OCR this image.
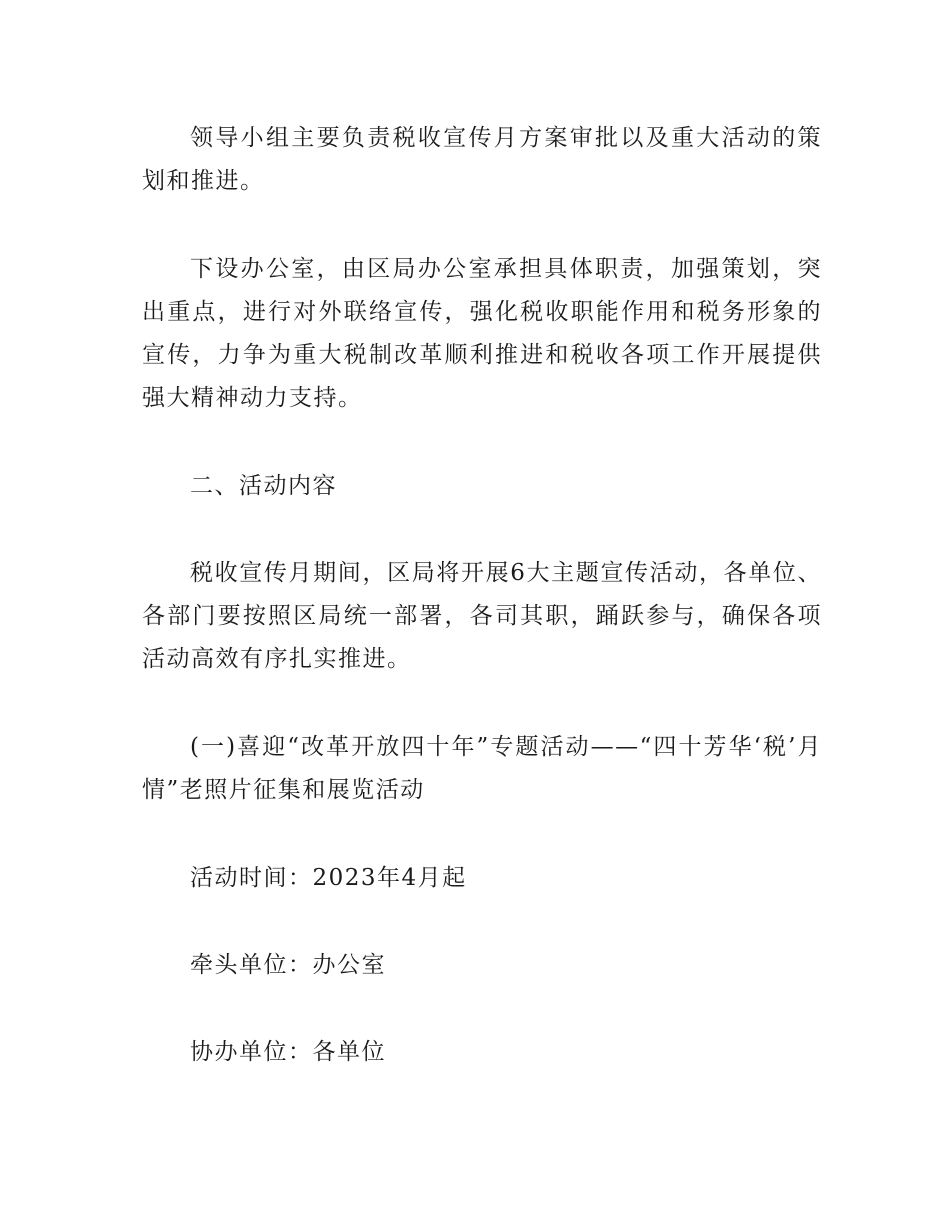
领导小组主要负责税收宣传月方案审批以及重大活动的策划和推进。

下设办公室，由区局办公室承担具体职责，加强策划，突出重点，进行对外联络宣传，强化税收职能作用和税务形象的宣传，力争为重大税制改革顺利推进和税收各项工作开展提供强大精神动力支持。

二、活动内容

税收宣传月期间，区局将开展6大主题宣传活动，各单位、各部门要按照区局统一部署，各司其职，踊跃参与，确保各项活动高效有序扎实推进。

(一)喜迎“改革开放四十年”专题活动——“四十芳华‘税’月情”老照片征集和展览活动

活动时间：2023年4月起

牵头单位：办公室

协办单位：各单位
